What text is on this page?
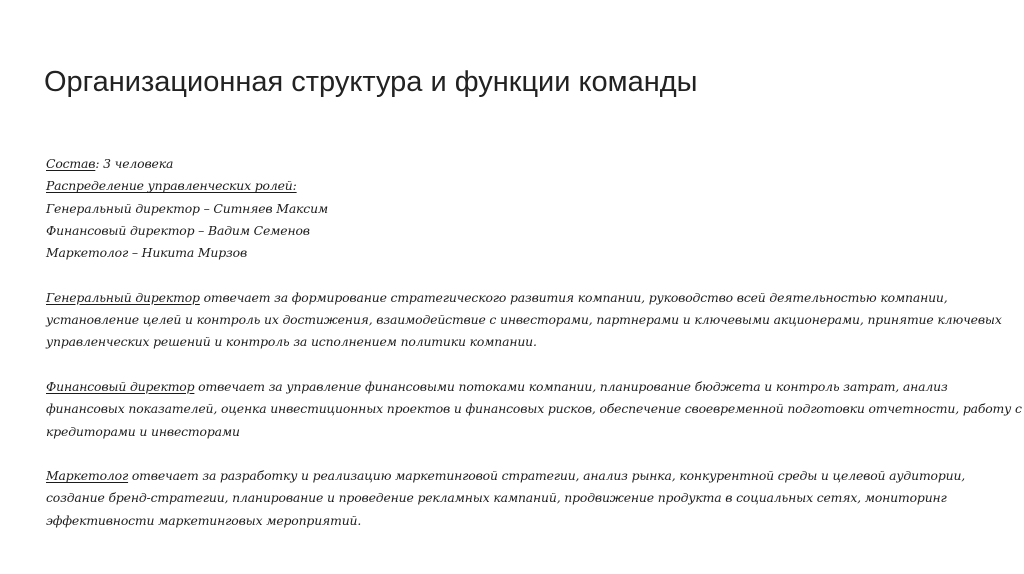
Организационная структура и функции команды
Состав: 3 человека
Распределение управленческих ролей:
Генеральный директор – Ситняев Максим
Финансовый директор – Вадим Семенов
Маркетолог – Никита Мирзов
Генеральный директор отвечает за формирование стратегического развития компании, руководство всей деятельностью компании,
установление целей и контроль их достижения, взаимодействие с инвесторами, партнерами и ключевыми акционерами, принятие ключевых
управленческих решений и контроль за исполнением политики компании.
Финансовый директор отвечает за управление финансовыми потоками компании, планирование бюджета и контроль затрат, анализ
финансовых показателей, оценка инвестиционных проектов и финансовых рисков, обеспечение своевременной подготовки отчетности, работу с
кредиторами и инвесторами
Маркетолог отвечает за разработку и реализацию маркетинговой стратегии, анализ рынка, конкурентной среды и целевой аудитории,
создание бренд-стратегии, планирование и проведение рекламных кампаний, продвижение продукта в социальных сетях, мониторинг
эффективности маркетинговых мероприятий.
